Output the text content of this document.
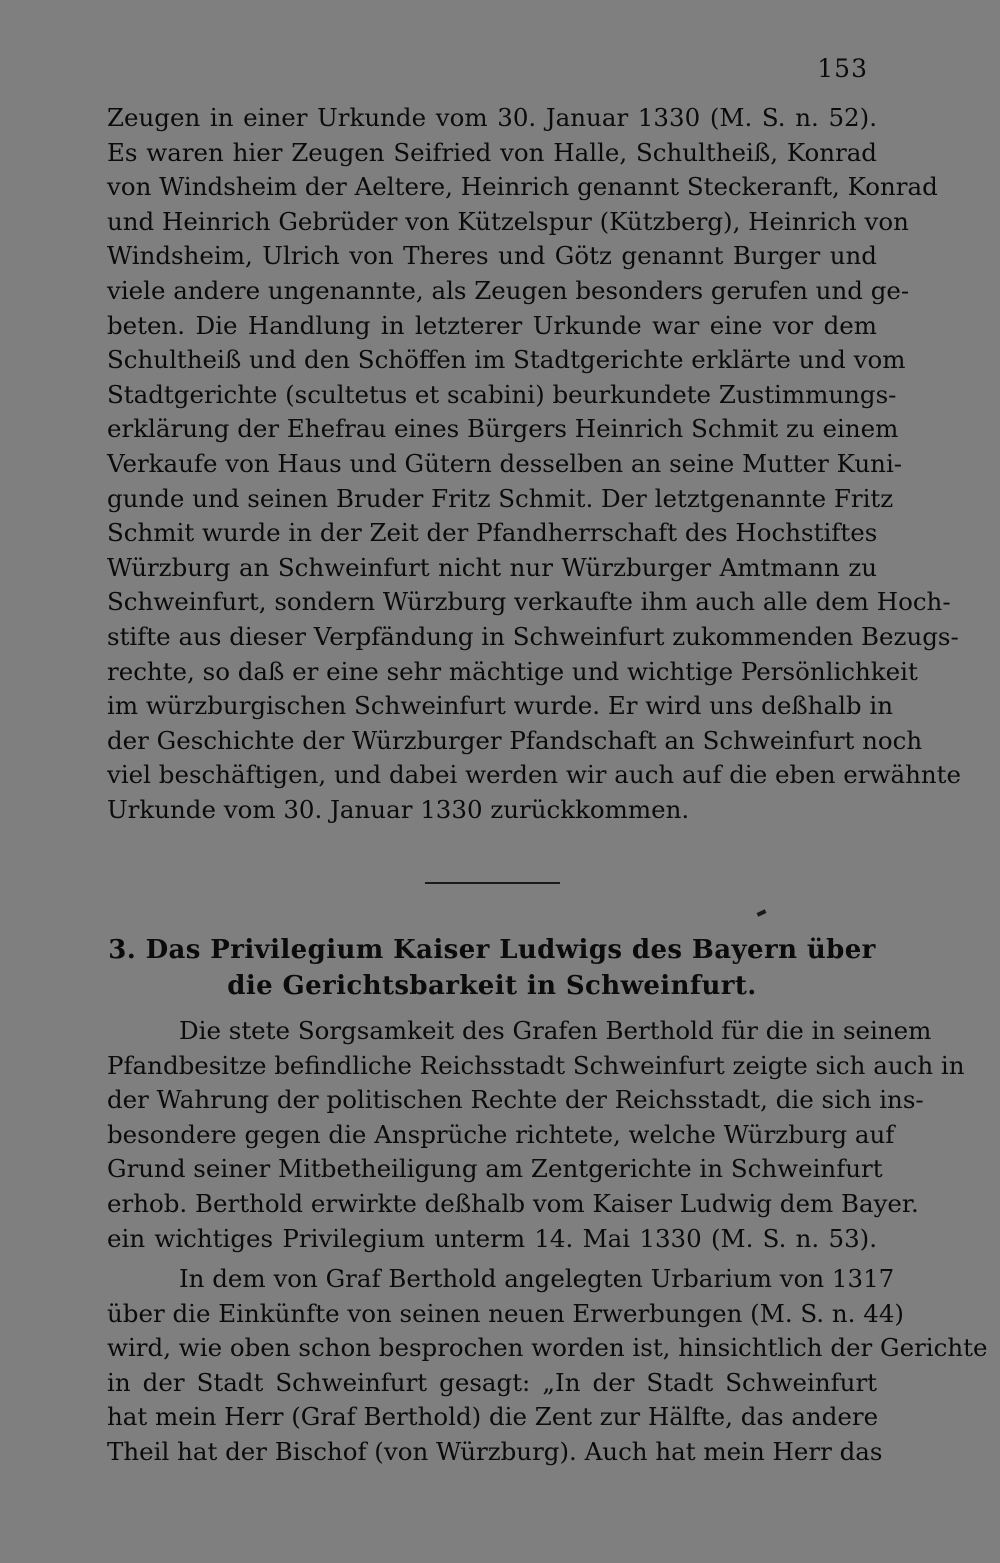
153
Zeugen in einer Urkunde vom 30. Januar 1330 (M. S. n. 52).
Es waren hier Zeugen Seifried von Halle, Schultheiß, Konrad
von Windsheim der Aeltere, Heinrich genannt Steckeranft, Konrad
und Heinrich Gebrüder von Kützelspur (Kützberg), Heinrich von
Windsheim, Ulrich von Theres und Götz genannt Burger und
viele andere ungenannte, als Zeugen besonders gerufen und ge-
beten. Die Handlung in letzterer Urkunde war eine vor dem
Schultheiß und den Schöffen im Stadtgerichte erklärte und vom
Stadtgerichte (scultetus et scabini) beurkundete Zustimmungs-
erklärung der Ehefrau eines Bürgers Heinrich Schmit zu einem
Verkaufe von Haus und Gütern desselben an seine Mutter Kuni-
gunde und seinen Bruder Fritz Schmit. Der letztgenannte Fritz
Schmit wurde in der Zeit der Pfandherrschaft des Hochstiftes
Würzburg an Schweinfurt nicht nur Würzburger Amtmann zu
Schweinfurt, sondern Würzburg verkaufte ihm auch alle dem Hoch-
stifte aus dieser Verpfändung in Schweinfurt zukommenden Bezugs-
rechte, so daß er eine sehr mächtige und wichtige Persönlichkeit
im würzburgischen Schweinfurt wurde. Er wird uns deßhalb in
der Geschichte der Würzburger Pfandschaft an Schweinfurt noch
viel beschäftigen, und dabei werden wir auch auf die eben erwähnte
Urkunde vom 30. Januar 1330 zurückkommen.
3. Das Privilegium Kaiser Ludwigs des Bayern über
die Gerichtsbarkeit in Schweinfurt.
Die stete Sorgsamkeit des Grafen Berthold für die in seinem
Pfandbesitze befindliche Reichsstadt Schweinfurt zeigte sich auch in
der Wahrung der politischen Rechte der Reichsstadt, die sich ins-
besondere gegen die Ansprüche richtete, welche Würzburg auf
Grund seiner Mitbetheiligung am Zentgerichte in Schweinfurt
erhob. Berthold erwirkte deßhalb vom Kaiser Ludwig dem Bayer.
ein wichtiges Privilegium unterm 14. Mai 1330 (M. S. n. 53).
In dem von Graf Berthold angelegten Urbarium von 1317
über die Einkünfte von seinen neuen Erwerbungen (M. S. n. 44)
wird, wie oben schon besprochen worden ist, hinsichtlich der Gerichte
in der Stadt Schweinfurt gesagt: „In der Stadt Schweinfurt
hat mein Herr (Graf Berthold) die Zent zur Hälfte, das andere
Theil hat der Bischof (von Würzburg). Auch hat mein Herr das
